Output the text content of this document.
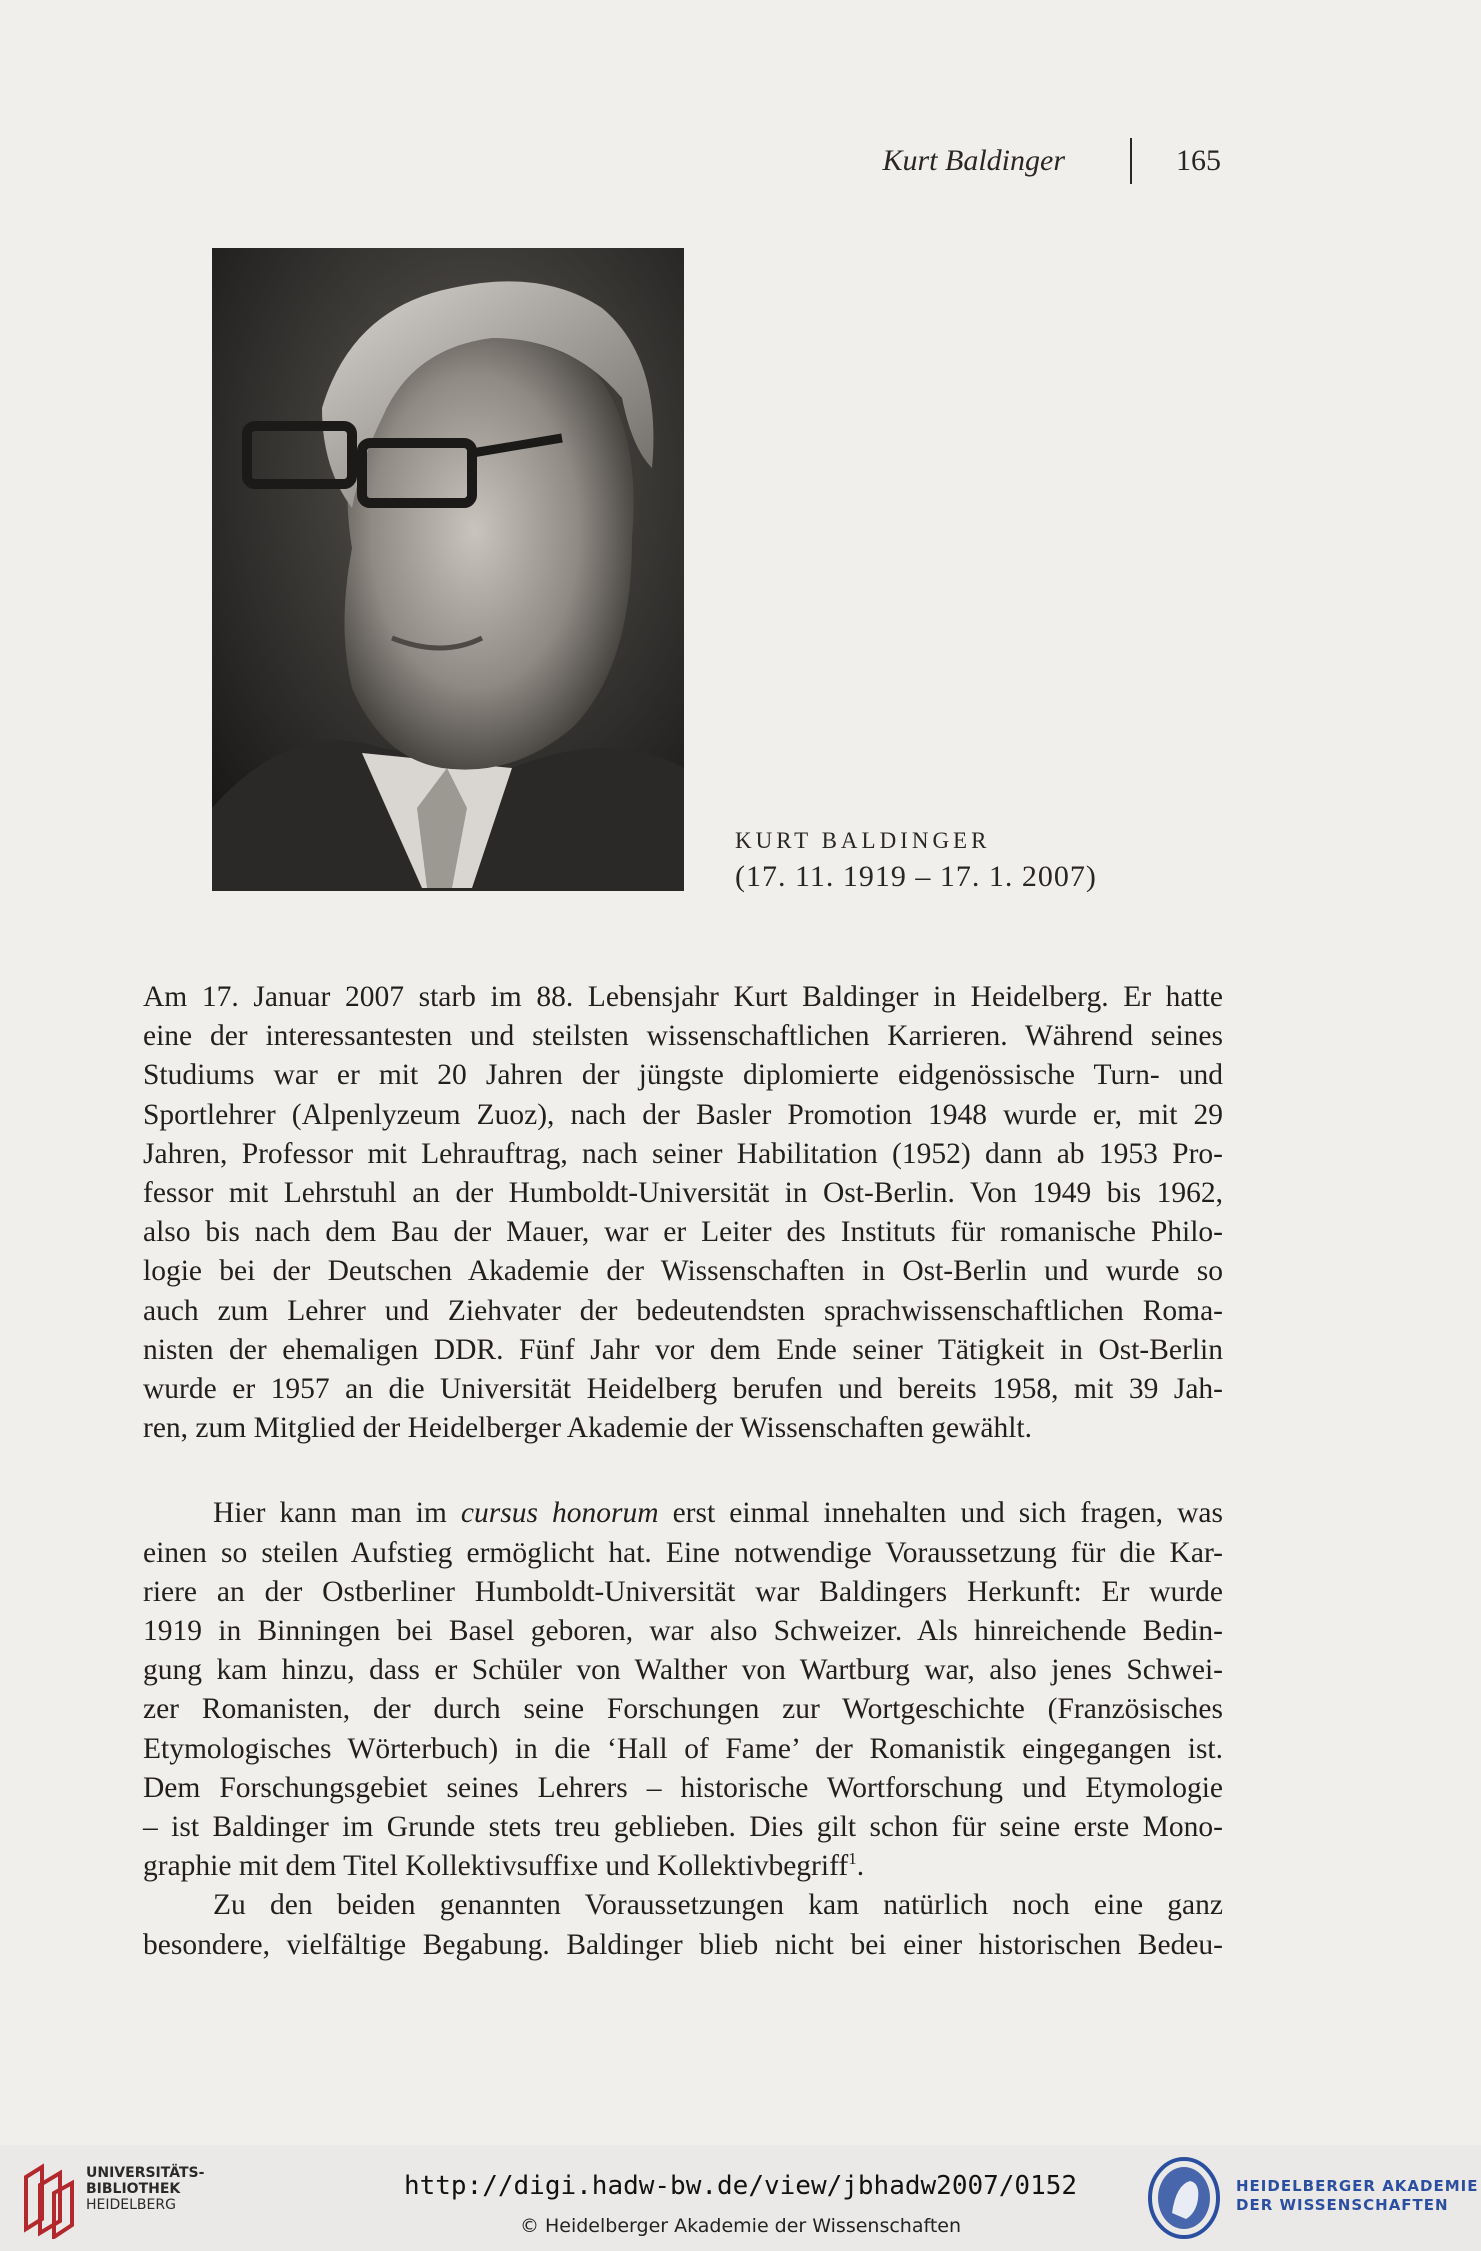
Kurt Baldinger	165
KURT BALDINGER
(17. 11. 1919 – 17. 1. 2007)

Am 17. Januar 2007 starb im 88. Lebensjahr Kurt Baldinger in Heidelberg. Er hatte

eine der interessantesten und steilsten wissenschaftlichen Karrieren. Während seines

Studiums war er mit 20 Jahren der jüngste diplomierte eidgenössische Turn- und

Sportlehrer (Alpenlyzeum Zuoz), nach der Basler Promotion 1948 wurde er, mit 29

Jahren, Professor mit Lehrauftrag, nach seiner Habilitation (1952) dann ab 1953 Pro-

fessor mit Lehrstuhl an der Humboldt-Universität in Ost-Berlin. Von 1949 bis 1962,

also bis nach dem Bau der Mauer, war er Leiter des Instituts für romanische Philo-

logie bei der Deutschen Akademie der Wissenschaften in Ost-Berlin und wurde so

auch zum Lehrer und Ziehvater der bedeutendsten sprachwissenschaftlichen Roma-

nisten der ehemaligen DDR. Fünf Jahr vor dem Ende seiner Tätigkeit in Ost-Berlin

wurde er 1957 an die Universität Heidelberg berufen und bereits 1958, mit 39 Jah-

ren, zum Mitglied der Heidelberger Akademie der Wissenschaften gewählt.

Hier kann man im cursus honorum erst einmal innehalten und sich fragen, was

einen so steilen Aufstieg ermöglicht hat. Eine notwendige Voraussetzung für die Kar-

riere an der Ostberliner Humboldt-Universität war Baldingers Herkunft: Er wurde

1919 in Binningen bei Basel geboren, war also Schweizer. Als hinreichende Bedin-

gung kam hinzu, dass er Schüler von Walther von Wartburg war, also jenes Schwei-

zer Romanisten, der durch seine Forschungen zur Wortgeschichte (Französisches

Etymologisches Wörterbuch) in die ‘Hall of Fame’ der Romanistik eingegangen ist.

Dem Forschungsgebiet seines Lehrers – historische Wortforschung und Etymologie

– ist Baldinger im Grunde stets treu geblieben. Dies gilt schon für seine erste Mono-

graphie mit dem Titel Kollektivsuffixe und Kollektivbegriff$^1$.

Zu den beiden genannten Voraussetzungen kam natürlich noch eine ganz

besondere, vielfältige Begabung. Baldinger blieb nicht bei einer historischen Bedeu-

UNIVERSITÄTS-
BIBLIOTHEK
HEIDELBERG
http://digi.hadw-bw.de/view/jbhadw2007/0152
© Heidelberger Akademie der Wissenschaften
HEIDELBERGER AKADEMIE
DER WISSENSCHAFTEN
